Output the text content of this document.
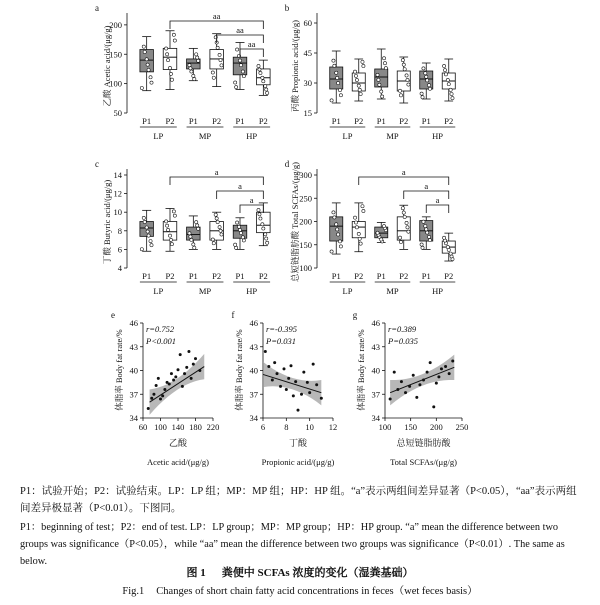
a
50
100
150
200
乙酸 Acetic acid/(μg/g)
P1 P2 P1 P2 P1 P2
LP	MP	HP
aa
aa
aa
b
15
30
45
60
丙酸 Propionic acid/(μg/g)
P1 P2 P1 P2 P1 P2
LP	MP	HP
c
4
6
8
10
12
14
丁酸 Butyric acid/(μg/g)
P1 P2 P1 P2 P1 P2
LP	MP	HP
a
a
a
d
100
150
200
250
300
总短链脂肪酸 Total SCFAs/(μg/g)	P1 P2 P1 P2 P1 P2
LP	MP	HP
a
a
a
e
34
37
40
43
46
60 100 140 180 220
体脂率 Body fat rate/%
乙酸
Acetic acid/(μg/g)
r=0.752
P<0.001
f
34
37
40
43
46
6 8 10 12
体脂率 Body fat rate/%
丁酸
Propionic acid/(μg/g)
r=-0.395
P=0.031
g
34
37
40
43
46
100 150 200 250
体脂率 Body fat rate/%
总短链脂肪酸
Total SCFAs/(μg/g)
r=0.389
P=0.035
P1：试验开始；P2：试验结束。LP：LP 组；MP：MP 组；HP：HP 组。“a”表示两组间差异显著（P<0.05），“aa”表示两组间差异极显著（P<0.01）。下图同。
P1：beginning of test；P2：end of test. LP：LP group；MP：MP group；HP：HP group. “a” mean the difference between two groups was significance（P<0.05），while “aa” mean the difference between two groups was significance（P<0.01）. The same as below.
图 1 粪便中 SCFAs 浓度的变化（湿粪基础）
Fig.1 Changes of short chain fatty acid concentrations in feces（wet feces basis）
